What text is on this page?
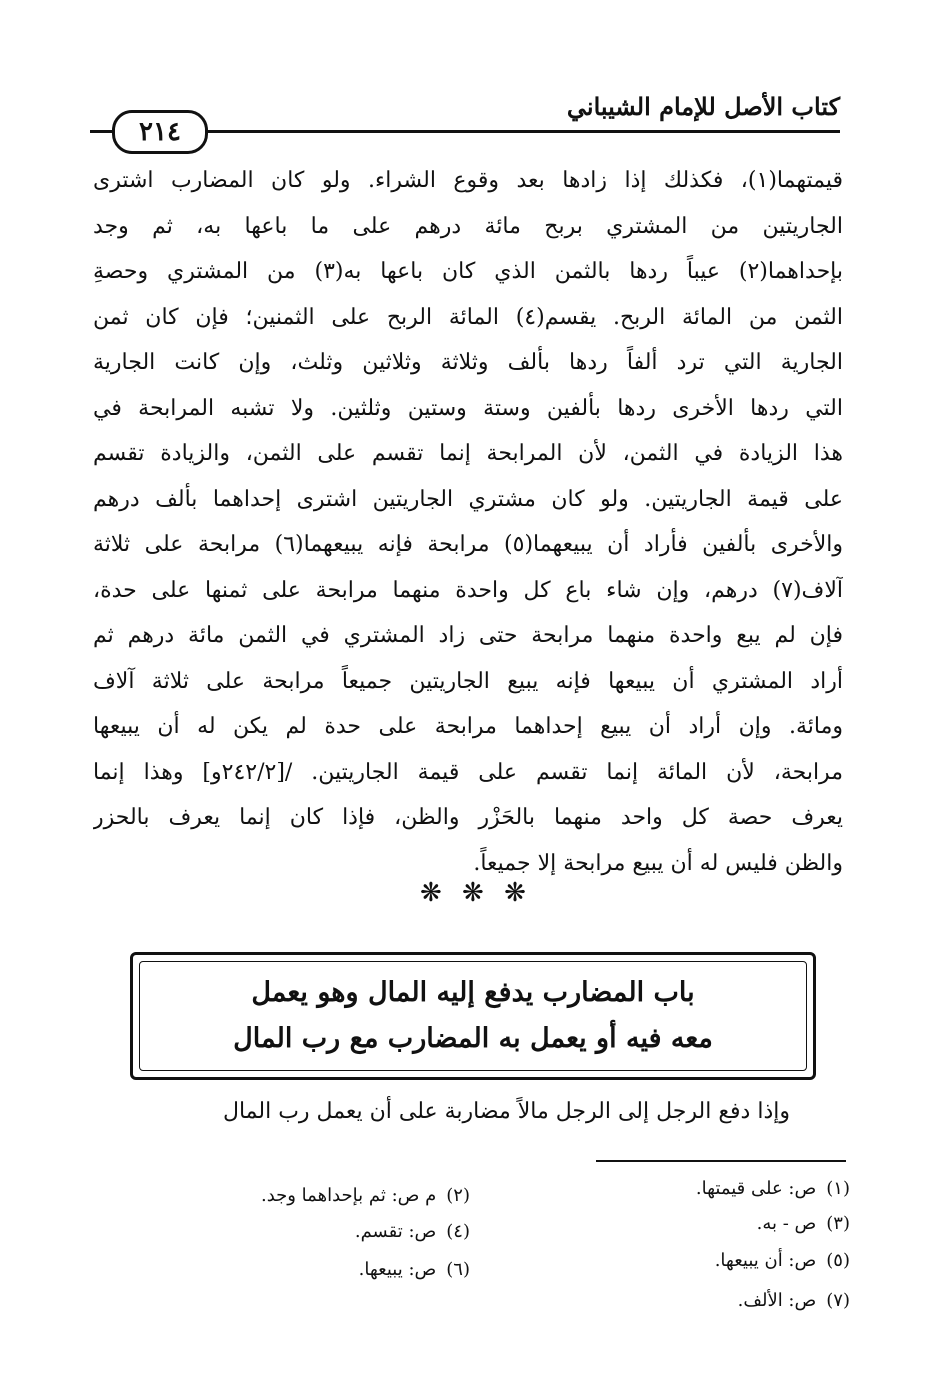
كتاب الأصل للإمام الشيباني
٢١٤

قيمتهما(١)، فكذلك إذا زادها بعد وقوع الشراء. ولو كان المضارب اشترى

الجاريتين من المشتري بربح مائة درهم على ما باعها به، ثم وجد

بإحداهما(٢) عيباً ردها بالثمن الذي كان باعها به(٣) من المشتري وحصةِ

الثمن من المائة الربح. يقسم(٤) المائة الربح على الثمنين؛ فإن كان ثمن

الجارية التي ترد ألفاً ردها بألف وثلاثة وثلاثين وثلث، وإن كانت الجارية

التي ردها الأخرى ردها بألفين وستة وستين وثلثين. ولا تشبه المرابحة في

هذا الزيادة في الثمن، لأن المرابحة إنما تقسم على الثمن، والزيادة تقسم

على قيمة الجاريتين. ولو كان مشتري الجاريتين اشترى إحداهما بألف درهم

والأخرى بألفين فأراد أن يبيعهما(٥) مرابحة فإنه يبيعهما(٦) مرابحة على ثلاثة

آلاف(٧) درهم، وإن شاء باع كل واحدة منهما مرابحة على ثمنها على حدة،

فإن لم يبع واحدة منهما مرابحة حتى زاد المشتري في الثمن مائة درهم ثم

أراد المشتري أن يبيعها فإنه يبيع الجاريتين جميعاً مرابحة على ثلاثة آلاف

ومائة. وإن أراد أن يبيع إحداهما مرابحة على حدة لم يكن له أن يبيعها

مرابحة، لأن المائة إنما تقسم على قيمة الجاريتين. /[٢٤٢/٢و] وهذا إنما

يعرف حصة كل واحد منهما بالحَزْر والظن، فإذا كان إنما يعرف بالحزر

والظن فليس له أن يبيع مرابحة إلا جميعاً.

❋ ❋ ❋
باب المضارب يدفع إليه المال وهو يعمل
معه فيه أو يعمل به المضارب مع رب المال
وإذا دفع الرجل إلى الرجل مالاً مضاربة على أن يعمل رب المال
(١)ص: على قيمتها.
(٢)م ص: ثم بإحداهما وجد.
(٣)ص - به.
(٤)ص: تقسم.
(٥)ص: أن يبيعها.
(٦)ص: يبيعها.
(٧)ص: الألف.
